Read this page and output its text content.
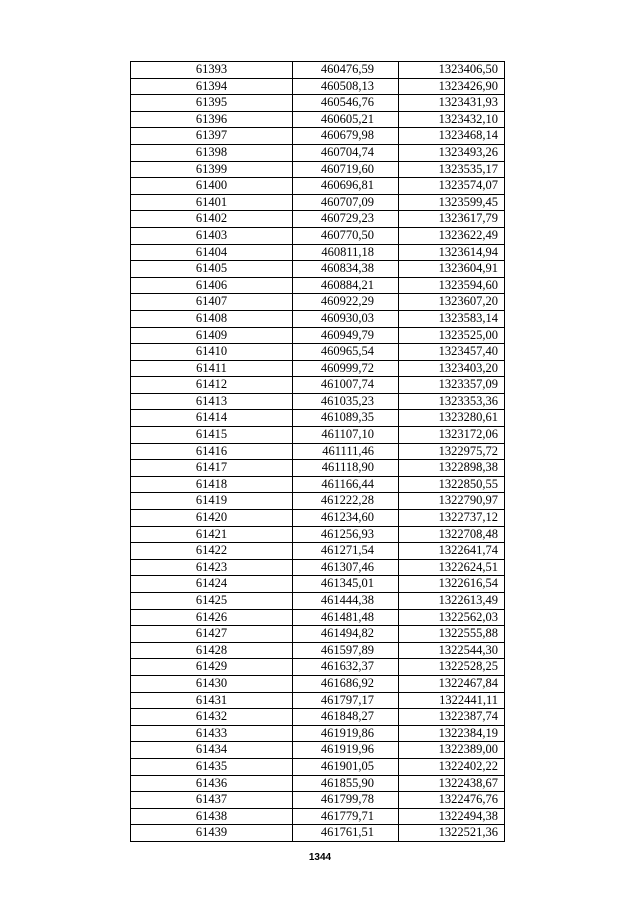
61393	460476,59	1323406,50
61394	460508,13	1323426,90
61395	460546,76	1323431,93
61396	460605,21	1323432,10
61397	460679,98	1323468,14
61398	460704,74	1323493,26
61399	460719,60	1323535,17
61400	460696,81	1323574,07
61401	460707,09	1323599,45
61402	460729,23	1323617,79
61403	460770,50	1323622,49
61404	460811,18	1323614,94
61405	460834,38	1323604,91
61406	460884,21	1323594,60
61407	460922,29	1323607,20
61408	460930,03	1323583,14
61409	460949,79	1323525,00
61410	460965,54	1323457,40
61411	460999,72	1323403,20
61412	461007,74	1323357,09
61413	461035,23	1323353,36
61414	461089,35	1323280,61
61415	461107,10	1323172,06
61416	461111,46	1322975,72
61417	461118,90	1322898,38
61418	461166,44	1322850,55
61419	461222,28	1322790,97
61420	461234,60	1322737,12
61421	461256,93	1322708,48
61422	461271,54	1322641,74
61423	461307,46	1322624,51
61424	461345,01	1322616,54
61425	461444,38	1322613,49
61426	461481,48	1322562,03
61427	461494,82	1322555,88
61428	461597,89	1322544,30
61429	461632,37	1322528,25
61430	461686,92	1322467,84
61431	461797,17	1322441,11
61432	461848,27	1322387,74
61433	461919,86	1322384,19
61434	461919,96	1322389,00
61435	461901,05	1322402,22
61436	461855,90	1322438,67
61437	461799,78	1322476,76
61438	461779,71	1322494,38
61439	461761,51	1322521,36
1344
